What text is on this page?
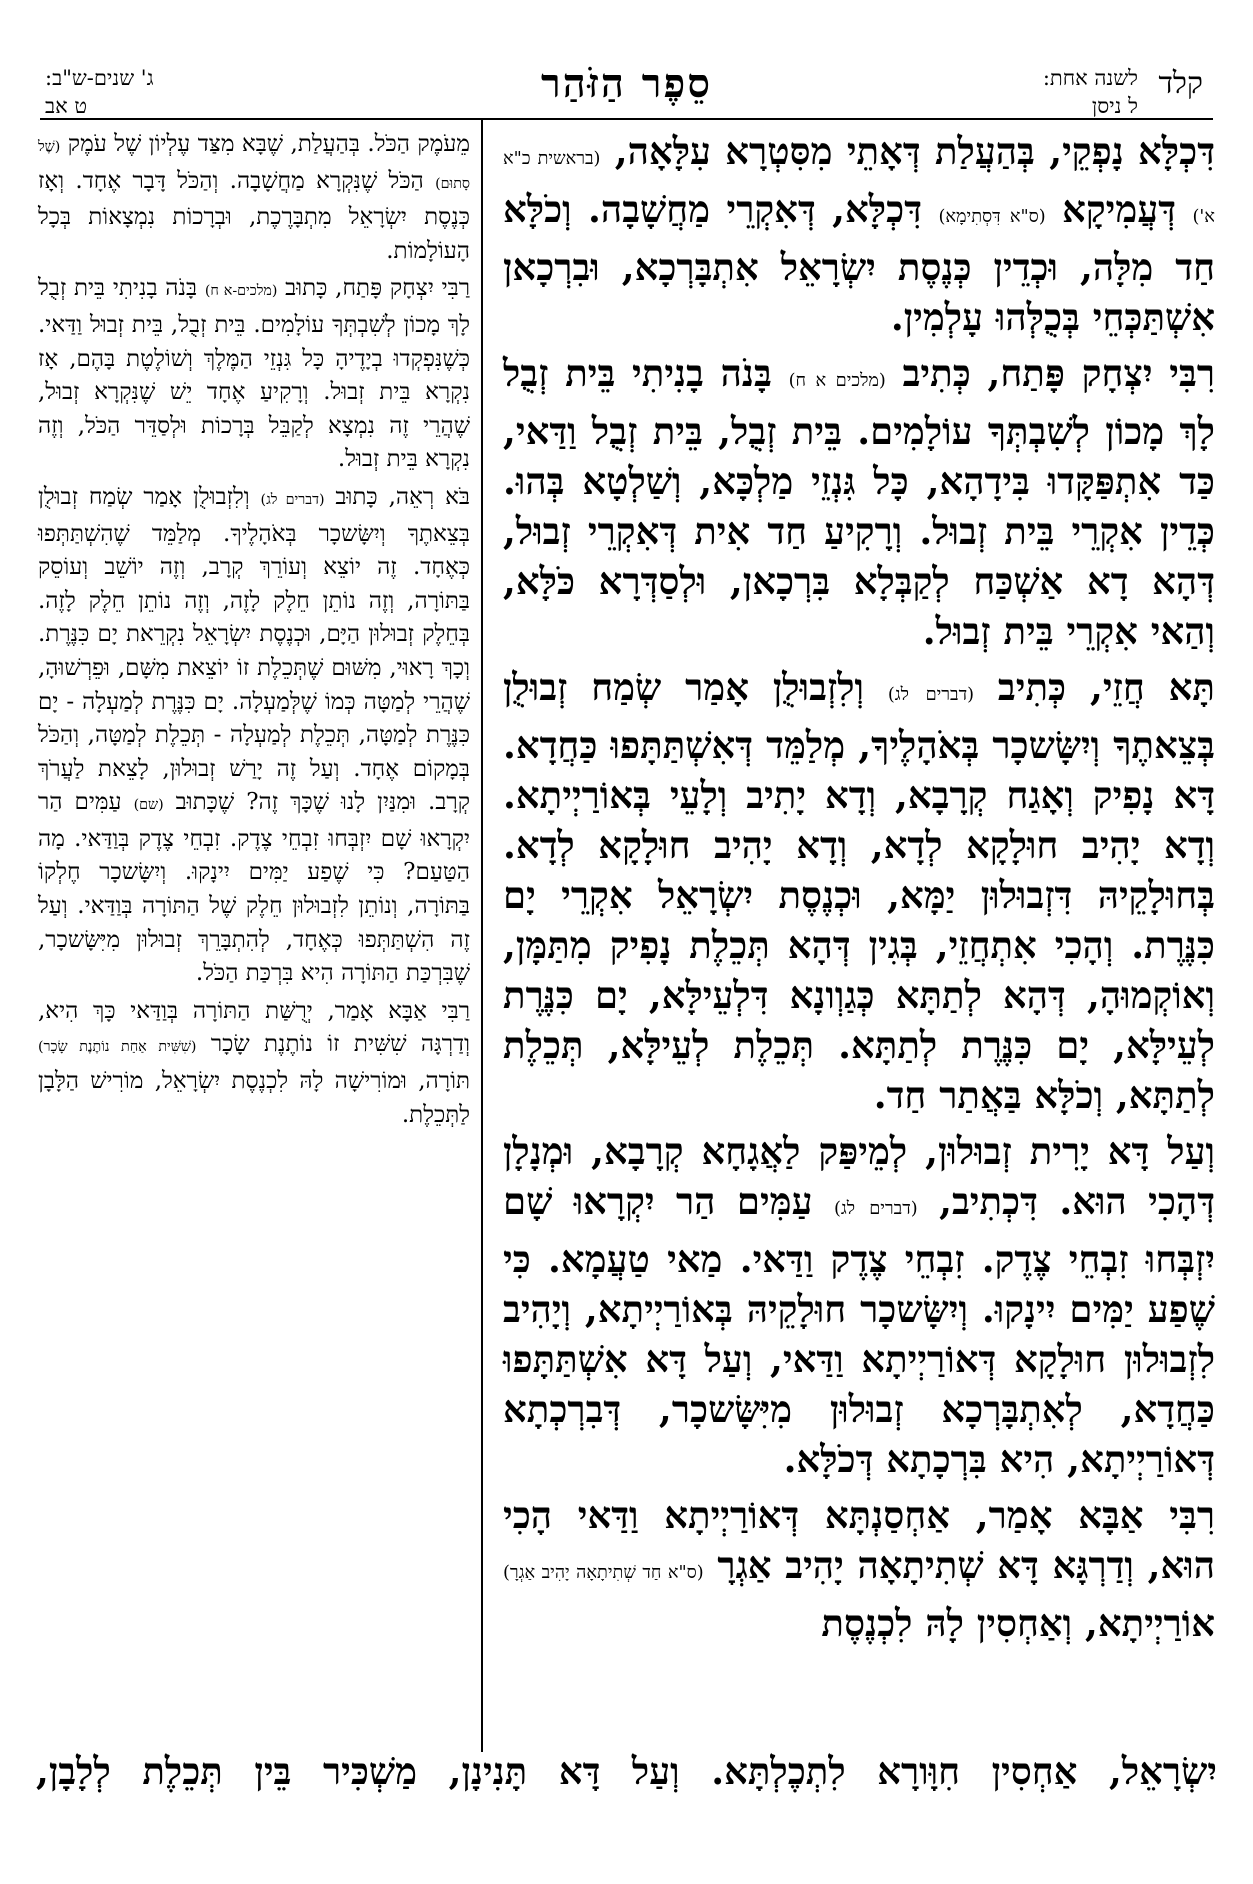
קלד
לשנה אחת:
ל ניסן
סֵפֶר הַזֹּהַר
ג' שנים-ש"ב:
ט אב

דִּכְלָּא נָפְקֵי, בְּהַעֲלַת דְּאָתֵי מִסִּטְרָא עִלָּאָה, (בראשית כ"א א') דְּעֲמִיקָא (ס"א דִּסְתִימָא) דִּכְלָּא, דְּאִקְרֵי מַחֲשָׁבָה. וְכֹלָּא חַד מִלָּה, וּכְדֵין כְּנֶסֶת יִשְׂרָאֵל אִתְבָּרְכָא, וּבִרְכָאן אִשְׁתַּכְּחֵי בְּכֻלְּהוּ עָלְמִין.

רִבִּי יִצְחָק פָּתַח, כְּתִיב (מלכים א ח) בָּנֹה בָנִיתִי בֵּית זְבֻל לָךְ מָכוֹן לְשִׁבְתְּךָ עוֹלָמִים. בֵּית זְבֻל, בֵּית זְבֻל וַדַּאי, כַּד אִתְפַּקָּדוּ בִּידָהָא, כָּל גִּנְזֵי מַלְכָּא, וְשַׁלְטָא בְּהוּ. כְּדֵין אִקְרֵי בֵּית זְבוּל. וְרָקִיעַ חַד אִית דְּאִקְרֵי זְבוּל, דְּהָא דָא אַשְׁכַּח לְקַבְּלָא בִּרְכָאן, וּלְסַדְּרָא כֹּלָּא, וְהַאי אִקְרֵי בֵּית זְבוּל.

תָּא חֲזֵי, כְּתִיב (דברים לג) וְלִזְבוּלֻן אָמַר שְׂמַח זְבוּלֻן בְּצֵאתֶךָ וְיִשָּׂשכָר בְּאֹהָלֶיךָ, מְלַמֵּד דְּאִשְׁתַּתָּפוּ כַּחֲדָא. דָּא נָפִיק וְאָגַח קְרָבָא, וְדָא יָתִיב וְלָעֵי בְּאוֹרַיְיתָא. וְדָא יָהִיב חוּלָקָא לְדָא, וְדָא יָהִיב חוּלָקָא לְדָא. בְּחוּלָקֵיהּ דִּזְבוּלוּן יַמָּא, וּכְנֶסֶת יִשְׂרָאֵל אִקְרֵי יָם כִּנֶּרֶת. וְהָכִי אִתְחֲזֵי, בְּגִין דְּהָא תְּכֵלֶת נָפִיק מִתַּמָּן, וְאוֹקְמוּהָ, דְּהָא לְתַתָּא כְּגַוְונָא דִּלְעֵילָּא, יָם כִּנֶּרֶת לְעֵילָּא, יָם כִּנֶּרֶת לְתַתָּא. תְּכֵלֶת לְעֵילָּא, תְּכֵלֶת לְתַתָּא, וְכֹלָּא בַּאֲתַר חַד.

וְעַל דָּא יָרִית זְבוּלוּן, לְמֵיפַּק לַאֲגָחָא קְרָבָא, וּמְנָלָן דְּהָכִי הוּא. דִּכְתִיב, (דברים לג) עַמִּים הַר יִקְרָאוּ שָׁם יִזְבְּחוּ זִבְחֵי צֶדֶק. זִבְחֵי צֶדֶק וַדַּאי. מַאי טַעֲמָא. כִּי שֶׁפַע יַמִּים יִינָקוּ. וְיִשָּׂשכָר חוּלָקֵיהּ בְּאוֹרַיְיתָא, וְיָהִיב לִזְבוּלוּן חוּלָקָא דְּאוֹרַיְיתָא וַדַּאי, וְעַל דָּא אִשְׁתַּתָּפוּ כַּחֲדָא, לְאִתְבָּרְכָא זְבוּלוּן מִיִּשָּׂשכָר, דְּבִרְכְתָא דְּאוֹרַיְיתָא, הִיא בִּרְכָתָא דְּכֹלָּא.

רִבִּי אַבָּא אָמַר, אַחְסַנְתָּא דְּאוֹרַיְיתָא וַדַּאי הָכִי הוּא, וְדַרְגָּא דָּא שְׁתִיתָאָה יָהִיב אַגְרָ (ס"א חַד שְׁתִיתָאָה יָהִיב אַגְרָ) אוֹרַיְיתָא, וְאַחְסִין לָהּ לִכְנֶסֶת

מֵעֹמֶק הַכֹּל. בְּהַעֲלַת, שֶׁבָּא מִצַּד עֶלְיוֹן שֶׁל עֹמֶק (שֶׁל סָתוּם) הַכֹּל שֶׁנִּקְרָא מַחֲשָׁבָה. וְהַכֹּל דָּבָר אֶחָד. וְאָז כְּנֶסֶת יִשְׂרָאֵל מִתְבָּרֶכֶת, וּבְרָכוֹת נִמְצָאוֹת בְּכָל הָעוֹלָמוֹת.

רַבִּי יִצְחָק פָּתַח, כָּתוּב (מלכים-א ח) בָּנֹה בָנִיתִי בֵּית זְבֻל לָךְ מָכוֹן לְשִׁבְתְּךָ עוֹלָמִים. בֵּית זְבֻל, בֵּית זְבוּל וַדַּאי. כְּשֶׁנִּפְקְדוּ בְיָדֶיהָ כָּל גִּנְזֵי הַמֶּלֶךְ וְשׁוֹלֶטֶת בָּהֶם, אָז נִקְרָא בֵּית זְבוּל. וְרָקִיעַ אֶחָד יֵשׁ שֶׁנִּקְרָא זְבוּל, שֶׁהֲרֵי זֶה נִמְצָא לְקַבֵּל בְּרָכוֹת וּלְסַדֵּר הַכֹּל, וְזֶה נִקְרָא בֵּית זְבוּל.

בֹּא רְאֵה, כָּתוּב (דברים לג) וְלִזְבוּלֻן אָמַר שְׂמַח זְבוּלֻן בְּצֵאתֶךָ וְיִשָּׂשכָר בְּאֹהָלֶיךָ. מְלַמֵּד שֶׁהִשְׁתַּתְּפוּ כְּאֶחָד. זֶה יוֹצֵא וְעוֹרֵךְ קְרָב, וְזֶה יוֹשֵׁב וְעוֹסֵק בַּתּוֹרָה, וְזֶה נוֹתֵן חֵלֶק לָזֶה, וְזֶה נוֹתֵן חֵלֶק לָזֶה. בְּחֵלֶק זְבוּלוּן הַיָּם, וּכְנֶסֶת יִשְׂרָאֵל נִקְרֵאת יָם כִּנֶּרֶת. וְכָךְ רָאוּי, מִשּׁוּם שֶׁתְּכֵלֶת זוֹ יוֹצֵאת מִשָּׁם, וּפֵרְשׁוּהָ, שֶׁהֲרֵי לְמַטָּה כְּמוֹ שֶׁלְּמַעְלָה. יָם כִּנֶּרֶת לְמַעְלָה - יָם כִּנֶּרֶת לְמַטָּה, תְּכֵלֶת לְמַעְלָה - תְּכֵלֶת לְמַטָּה, וְהַכֹּל בְּמָקוֹם אֶחָד. וְעַל זֶה יָרַשׁ זְבוּלוּן, לָצֵאת לַעֲרֹךְ קְרָב. וּמִנַּיִן לָנוּ שֶׁכָּךְ זֶה? שֶׁכָּתוּב (שם) עַמִּים הַר יִקְרָאוּ שָׁם יִזְבְּחוּ זִבְחֵי צֶדֶק. זִבְחֵי צֶדֶק בְּוַדַּאי. מָה הַטַּעַם? כִּי שֶׁפַע יַמִּים יִינָקוּ. וְיִשָּׂשכָר חֶלְקוֹ בַּתּוֹרָה, וְנוֹתֵן לִזְבוּלוּן חֵלֶק שֶׁל הַתּוֹרָה בְּוַדַּאי. וְעַל זֶה הִשְׁתַּתְּפוּ כְּאֶחָד, לְהִתְבָּרֵךְ זְבוּלוּן מִיִּשָּׂשכָר, שֶׁבִּרְכַּת הַתּוֹרָה הִיא בִּרְכַּת הַכֹּל.

רַבִּי אַבָּא אָמַר, יְרֻשַּׁת הַתּוֹרָה בְּוַדַּאי כָּךְ הִיא, וְדַרְגָּה שִׁשִּׁית זוֹ נוֹתֶנֶת שָׂכָר (שִׁשִּׁית אַחַת נוֹתֶנֶת שָׂכָר) תּוֹרָה, וּמוֹרִישָׁה לָהּ לִכְנֶסֶת יִשְׂרָאֵל, מוֹרִישׁ הַלָּבָן לַתְּכֵלֶת.

יִשְׂרָאֵל, אַחְסִין חִוָּורָא לִתְכֶלְתָּא. וְעַל דָּא תָּנִינָן, מַשְׁכִּיר בֵּין תְּכֵלֶת לְלָבָן,
